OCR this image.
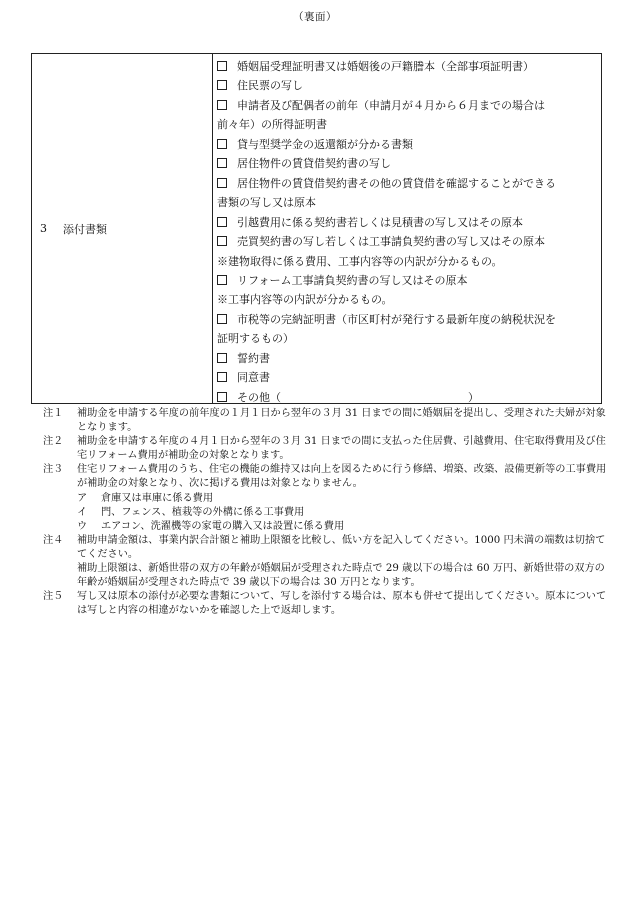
（裏面）
3 添付書類
婚姻届受理証明書又は婚姻後の戸籍謄本（全部事項証明書）
住民票の写し
申請者及び配偶者の前年（申請月が４月から６月までの場合は
前々年）の所得証明書
貸与型奨学金の返還額が分かる書類
居住物件の賃貸借契約書の写し
居住物件の賃貸借契約書その他の賃貸借を確認することができる
書類の写し又は原本
引越費用に係る契約書若しくは見積書の写し又はその原本
売買契約書の写し若しくは工事請負契約書の写し又はその原本
※建物取得に係る費用、工事内容等の内訳が分かるもの。
リフォーム工事請負契約書の写し又はその原本
※工事内容等の内訳が分かるもの。
市税等の完納証明書（市区町村が発行する最新年度の納税状況を
証明するもの）
誓約書
同意書
その他（　　　　　　　　　　　　　　　　　）
注１	補助金を申請する年度の前年度の１月１日から翌年の３月 31 日までの間に婚姻届を提出し、受理された夫婦が対象となります。
注２	補助金を申請する年度の４月１日から翌年の３月 31 日までの間に支払った住居費、引越費用、住宅取得費用及び住宅リフォーム費用が補助金の対象となります。
注３	住宅リフォーム費用のうち、住宅の機能の維持又は向上を図るために行う修繕、増築、改築、設備更新等の工事費用が補助金の対象となり、次に掲げる費用は対象となりません。
ア 倉庫又は車庫に係る費用
イ 門、フェンス、植栽等の外構に係る工事費用
ウ エアコン、洗濯機等の家電の購入又は設置に係る費用
注４	補助申請金額は、事業内訳合計額と補助上限額を比較し、低い方を記入してください。1000 円未満の端数は切捨ててください。
補助上限額は、新婚世帯の双方の年齢が婚姻届が受理された時点で 29 歳以下の場合は 60 万円、新婚世帯の双方の年齢が婚姻届が受理された時点で 39 歳以下の場合は 30 万円となります。
注５	写し又は原本の添付が必要な書類について、写しを添付する場合は、原本も併せて提出してください。原本については写しと内容の相違がないかを確認した上で返却します。
